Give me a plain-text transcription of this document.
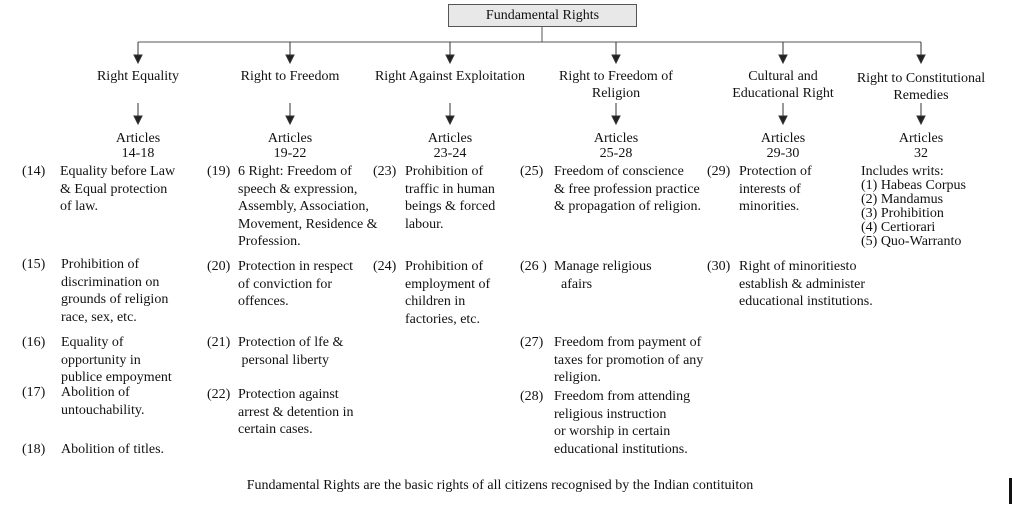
Fundamental Rights
Right Equality
Articles
14-18
Right to Freedom
Articles
19-22
Right Against Exploitation
Articles
23-24
Right to Freedom of
Religion
Articles
25-28
Cultural and
Educational Right
Articles
29-30
Right to Constitutional
Remedies
Articles
32
(14) Equality before Law
& Equal protection
of law.
(15) Prohibition of
discrimination on
grounds of religion
race, sex, etc.
(16) Equality of
opportunity in
publice empoyment
(17) Abolition of
untouchability.
(18) Abolition of titles.
(19) 6 Right: Freedom of
speech & expression,
Assembly, Association,
Movement, Residence &
Profession.
(20) Protection in respect
of conviction for
offences.
(21) Protection of lfe &
personal liberty
(22) Protection against
arrest & detention in
certain cases.
(23) Prohibition of
traffic in human
beings & forced
labour.
(24) Prohibition of
employment of
children in
factories, etc.
(25) Freedom of conscience
& free profession practice
& propagation of religion.
(26 ) Manage religious
afairs
(27) Freedom from payment of
taxes for promotion of any
religion.
(28) Freedom from attending
religious instruction
or worship in certain
educational institutions.
(29) Protection of
interests of
minorities.
(30) Right of minoritiesto
establish & administer
educational institutions.
Includes writs:
(1) Habeas Corpus
(2) Mandamus
(3) Prohibition
(4) Certiorari
(5) Quo-Warranto
Fundamental Rights are the basic rights of all citizens recognised by the Indian contituiton
